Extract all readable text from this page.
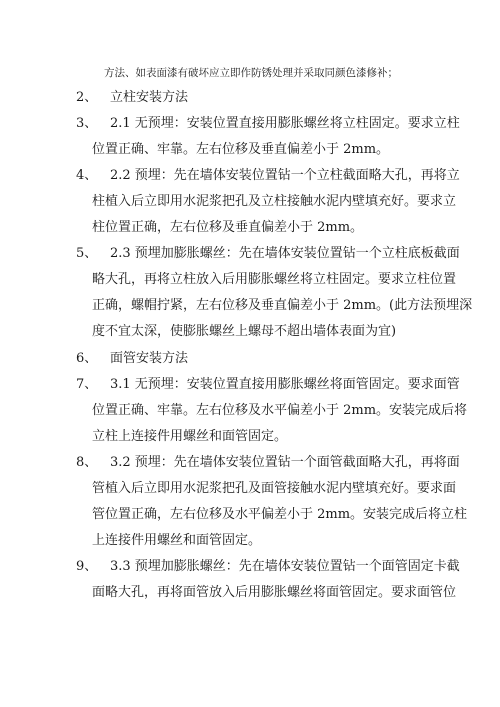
方法、如表面漆有破坏应立即作防锈处理并采取同颜色漆修补；
2、 立柱安装方法
3、 2.1 无预埋：安装位置直接用膨胀螺丝将立柱固定。要求立柱
位置正确、牢靠。左右位移及垂直偏差小于 2mm。
4、 2.2 预埋：先在墙体安装位置钻一个立柱截面略大孔，再将立
柱植入后立即用水泥浆把孔及立柱接触水泥内壁填充好。要求立
柱位置正确，左右位移及垂直偏差小于 2mm。
5、 2.3 预埋加膨胀螺丝：先在墙体安装位置钻一个立柱底板截面
略大孔，再将立柱放入后用膨胀螺丝将立柱固定。要求立柱位置
正确，螺帽拧紧，左右位移及垂直偏差小于 2mm。(此方法预埋深
度不宜太深，使膨胀螺丝上螺母不超出墙体表面为宜)
6、 面管安装方法
7、 3.1 无预埋：安装位置直接用膨胀螺丝将面管固定。要求面管
位置正确、牢靠。左右位移及水平偏差小于 2mm。安装完成后将
立柱上连接件用螺丝和面管固定。
8、 3.2 预埋：先在墙体安装位置钻一个面管截面略大孔，再将面
管植入后立即用水泥浆把孔及面管接触水泥内壁填充好。要求面
管位置正确，左右位移及水平偏差小于 2mm。安装完成后将立柱
上连接件用螺丝和面管固定。
9、 3.3 预埋加膨胀螺丝：先在墙体安装位置钻一个面管固定卡截
面略大孔，再将面管放入后用膨胀螺丝将面管固定。要求面管位
